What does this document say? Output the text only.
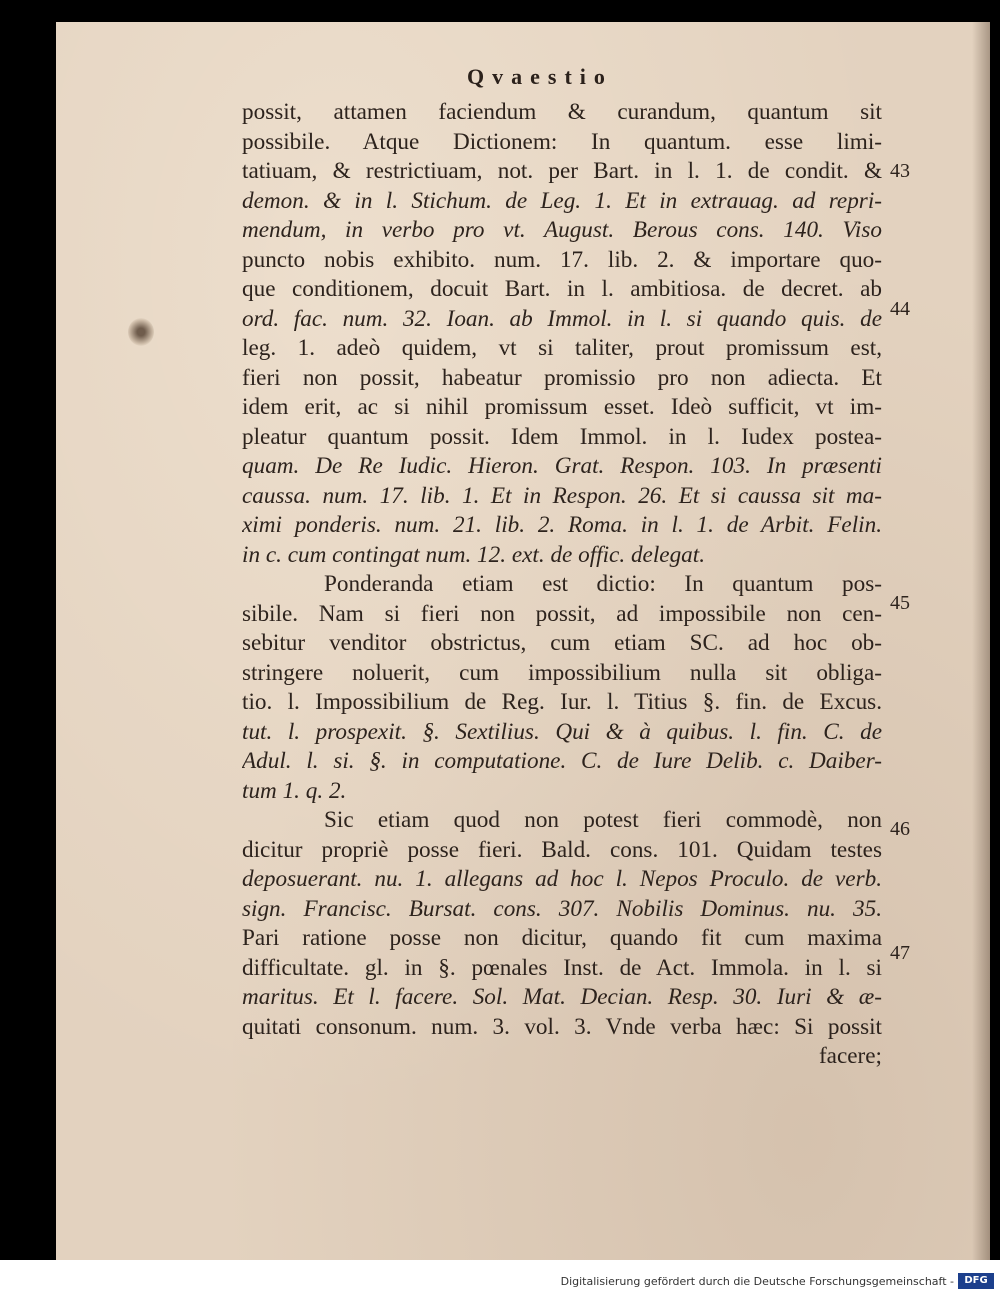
Qvaestio
possit, attamen faciendum & curandum, quantum sit
possibile. Atque Dictionem: In quantum. esse limi-
tatiuam, & restrictiuam, not. per Bart. in l. 1. de condit. &
demon. & in l. Stichum. de Leg. 1. Et in extrauag. ad repri-
mendum, in verbo pro vt. August. Berous cons. 140. Viso
puncto nobis exhibito. num. 17. lib. 2. & importare quo-
que conditionem, docuit Bart. in l. ambitiosa. de decret. ab
ord. fac. num. 32. Ioan. ab Immol. in l. si quando quis. de
leg. 1. adeò quidem, vt si taliter, prout promissum est,
fieri non possit, habeatur promissio pro non adiecta. Et
idem erit, ac si nihil promissum esset. Ideò sufficit, vt im-
pleatur quantum possit. Idem Immol. in l. Iudex postea-
quam. De Re Iudic. Hieron. Grat. Respon. 103. In præsenti
caussa. num. 17. lib. 1. Et in Respon. 26. Et si caussa sit ma-
ximi ponderis. num. 21. lib. 2. Roma. in l. 1. de Arbit. Felin.
in c. cum contingat num. 12. ext. de offic. delegat.
Ponderanda etiam est dictio: In quantum pos-
sibile. Nam si fieri non possit, ad impossibile non cen-
sebitur venditor obstrictus, cum etiam SC. ad hoc ob-
stringere noluerit, cum impossibilium nulla sit obliga-
tio. l. Impossibilium de Reg. Iur. l. Titius §. fin. de Excus.
tut. l. prospexit. §. Sextilius. Qui & à quibus. l. fin. C. de
Adul. l. si. §. in computatione. C. de Iure Delib. c. Daiber-
tum 1. q. 2.
Sic etiam quod non potest fieri commodè, non
dicitur propriè posse fieri. Bald. cons. 101. Quidam testes
deposuerant. nu. 1. allegans ad hoc l. Nepos Proculo. de verb.
sign. Francisc. Bursat. cons. 307. Nobilis Dominus. nu. 35.
Pari ratione posse non dicitur, quando fit cum maxima
difficultate. gl. in §. pœnales Inst. de Act. Immola. in l. si
maritus. Et l. facere. Sol. Mat. Decian. Resp. 30. Iuri & æ-
quitati consonum. num. 3. vol. 3. Vnde verba hæc: Si possit
facere;

43

44

45

46

47

Digitalisierung gefördert durch die Deutsche Forschungsgemeinschaft -	DFG
